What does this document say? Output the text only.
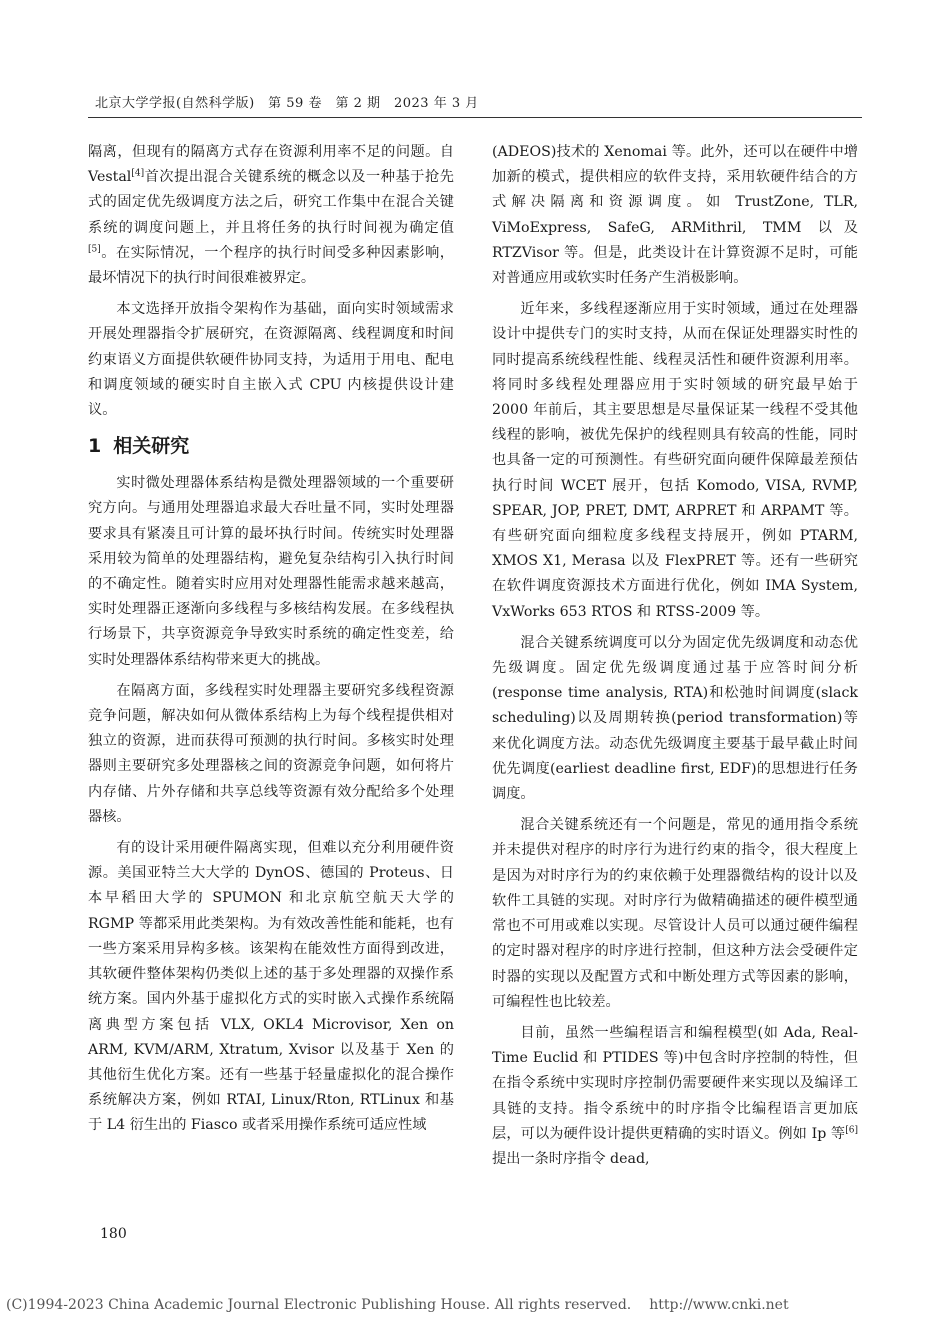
北京大学学报(自然科学版)　第 59 卷　第 2 期　2023 年 3 月

隔离，但现有的隔离方式存在资源利用率不足的问题。自 Vestal[4]首次提出混合关键系统的概念以及一种基于抢先式的固定优先级调度方法之后，研究工作集中在混合关键系统的调度问题上，并且将任务的执行时间视为确定值[5]。在实际情况，一个程序的执行时间受多种因素影响，最坏情况下的执行时间很难被界定。

本文选择开放指令架构作为基础，面向实时领域需求开展处理器指令扩展研究，在资源隔离、线程调度和时间约束语义方面提供软硬件协同支持，为适用于用电、配电和调度领域的硬实时自主嵌入式 CPU 内核提供设计建议。

1 相关研究

实时微处理器体系结构是微处理器领域的一个重要研究方向。与通用处理器追求最大吞吐量不同，实时处理器要求具有紧凑且可计算的最坏执行时间。传统实时处理器采用较为简单的处理器结构，避免复杂结构引入执行时间的不确定性。随着实时应用对处理器性能需求越来越高，实时处理器正逐渐向多线程与多核结构发展。在多线程执行场景下，共享资源竞争导致实时系统的确定性变差，给实时处理器体系结构带来更大的挑战。

在隔离方面，多线程实时处理器主要研究多线程资源竞争问题，解决如何从微体系结构上为每个线程提供相对独立的资源，进而获得可预测的执行时间。多核实时处理器则主要研究多处理器核之间的资源竞争问题，如何将片内存储、片外存储和共享总线等资源有效分配给多个处理器核。

有的设计采用硬件隔离实现，但难以充分利用硬件资源。美国亚特兰大大学的 DynOS、德国的 Proteus、日本早稻田大学的 SPUMON 和北京航空航天大学的 RGMP 等都采用此类架构。为有效改善性能和能耗，也有一些方案采用异构多核。该架构在能效性方面得到改进，其软硬件整体架构仍类似上述的基于多处理器的双操作系统方案。国内外基于虚拟化方式的实时嵌入式操作系统隔离典型方案包括 VLX, OKL4 Microvisor, Xen on ARM, KVM/ARM, Xtratum, Xvisor 以及基于 Xen 的其他衍生优化方案。还有一些基于轻量虚拟化的混合操作系统解决方案，例如 RTAI, Linux/Rton, RTLinux 和基于 L4 衍生出的 Fiasco 或者采用操作系统可适应性域

(ADEOS)技术的 Xenomai 等。此外，还可以在硬件中增加新的模式，提供相应的软件支持，采用软硬件结合的方式解决隔离和资源调度。如 TrustZone, TLR, ViMoExpress, SafeG, ARMithril, TMM 以及 RTZVisor 等。但是，此类设计在计算资源不足时，可能对普通应用或软实时任务产生消极影响。

近年来，多线程逐渐应用于实时领域，通过在处理器设计中提供专门的实时支持，从而在保证处理器实时性的同时提高系统线程性能、线程灵活性和硬件资源利用率。将同时多线程处理器应用于实时领域的研究最早始于 2000 年前后，其主要思想是尽量保证某一线程不受其他线程的影响，被优先保护的线程则具有较高的性能，同时也具备一定的可预测性。有些研究面向硬件保障最差预估执行时间 WCET 展开，包括 Komodo, VISA, RVMP, SPEAR, JOP, PRET, DMT, ARPRET 和 ARPAMT 等。有些研究面向细粒度多线程支持展开，例如 PTARM, XMOS X1, Merasa 以及 FlexPRET 等。还有一些研究在软件调度资源技术方面进行优化，例如 IMA System, VxWorks 653 RTOS 和 RTSS-2009 等。

混合关键系统调度可以分为固定优先级调度和动态优先级调度。固定优先级调度通过基于应答时间分析(response time analysis, RTA)和松弛时间调度(slack scheduling)以及周期转换(period transformation)等来优化调度方法。动态优先级调度主要基于最早截止时间优先调度(earliest deadline first, EDF)的思想进行任务调度。

混合关键系统还有一个问题是，常见的通用指令系统并未提供对程序的时序行为进行约束的指令，很大程度上是因为对时序行为的约束依赖于处理器微结构的设计以及软件工具链的实现。对时序行为做精确描述的硬件模型通常也不可用或难以实现。尽管设计人员可以通过硬件编程的定时器对程序的时序进行控制，但这种方法会受硬件定时器的实现以及配置方式和中断处理方式等因素的影响，可编程性也比较差。

目前，虽然一些编程语言和编程模型(如 Ada, Real-Time Euclid 和 PTIDES 等)中包含时序控制的特性，但在指令系统中实现时序控制仍需要硬件来实现以及编译工具链的支持。指令系统中的时序指令比编程语言更加底层，可以为硬件设计提供更精确的实时语义。例如 Ip 等[6]提出一条时序指令 dead,

180
(C)1994-2023 China Academic Journal Electronic Publishing House. All rights reserved. http://www.cnki.net
